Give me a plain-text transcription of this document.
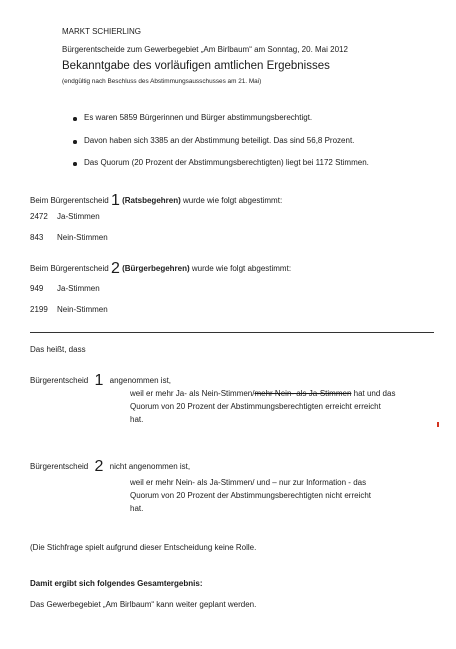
MARKT SCHIERLING
Bürgerentscheide zum Gewerbegebiet „Am Birlbaum“ am Sonntag, 20. Mai 2012
Bekanntgabe des vorläufigen amtlichen Ergebnisses
(endgültig nach Beschluss des Abstimmungsausschusses am 21. Mai)
Es waren 5859 Bürgerinnen und Bürger abstimmungsberechtigt.
Davon haben sich 3385 an der Abstimmung beteiligt. Das sind 56,8 Prozent.
Das Quorum (20 Prozent der Abstimmungsberechtigten) liegt bei 1172 Stimmen.
Beim Bürgerentscheid 1 (Ratsbegehren) wurde wie folgt abgestimmt:
2472 Ja-Stimmen
843 Nein-Stimmen
Beim Bürgerentscheid 2 (Bürgerbegehren) wurde wie folgt abgestimmt:
949 Ja-Stimmen
2199 Nein-Stimmen
Das heißt, dass
Bürgerentscheid 1 angenommen ist,
weil er mehr Ja- als Nein-Stimmen/mehr Nein- als Ja-Stimmen hat und das
Quorum von 20 Prozent der Abstimmungsberechtigten erreicht erreicht
hat.
Bürgerentscheid 2 nicht angenommen ist,
weil er mehr Nein- als Ja-Stimmen/ und – nur zur Information - das
Quorum von 20 Prozent der Abstimmungsberechtigten nicht erreicht
hat.
(Die Stichfrage spielt aufgrund dieser Entscheidung keine Rolle.
Damit ergibt sich folgendes Gesamtergebnis:
Das Gewerbegebiet „Am Birlbaum“ kann weiter geplant werden.
